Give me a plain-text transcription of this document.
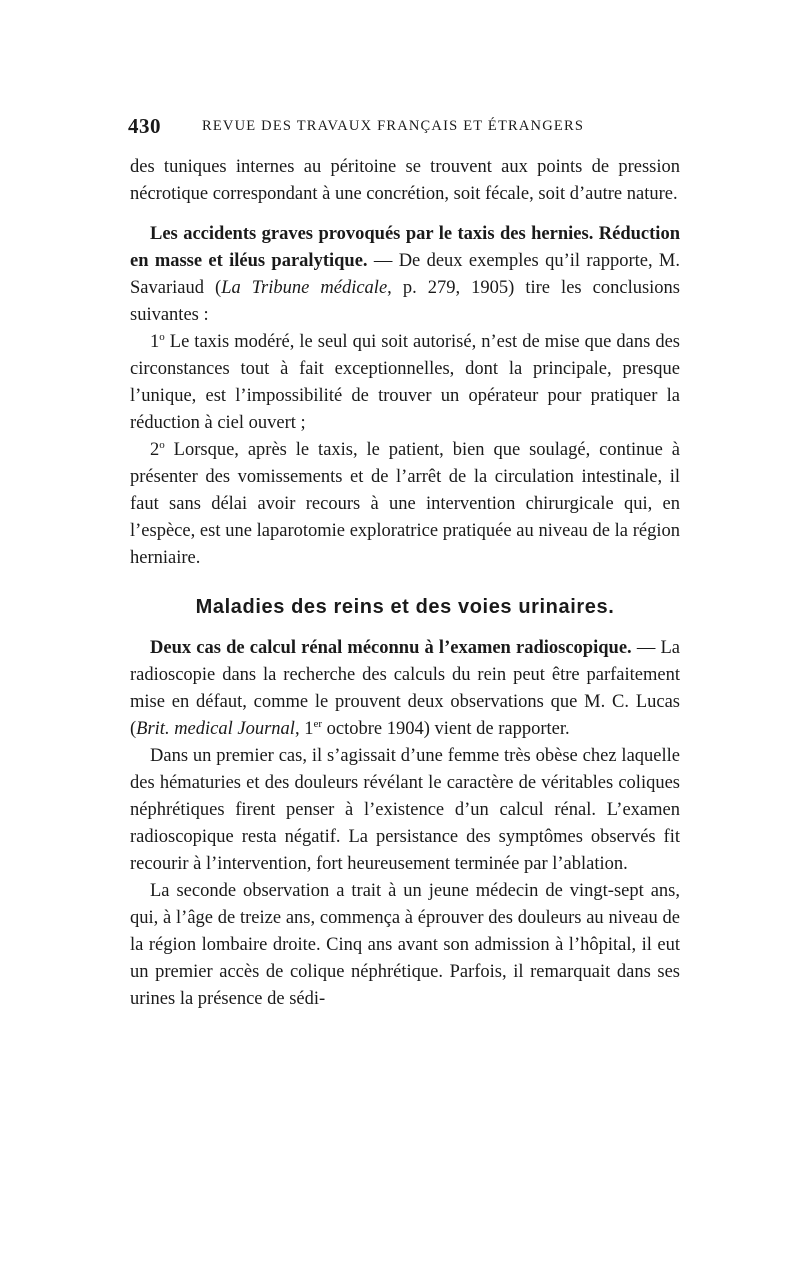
430	REVUE DES TRAVAUX FRANÇAIS ET ÉTRANGERS

des tuniques internes au péritoine se trouvent aux points de pression nécrotique correspondant à une concrétion, soit fécale, soit d’autre nature.

Les accidents graves provoqués par le taxis des hernies. Réduction en masse et iléus paralytique. — De deux exemples qu’il rapporte, M. Savariaud (La Tribune médicale, p. 279, 1905) tire les conclusions suivantes :

1$^o$ Le taxis modéré, le seul qui soit autorisé, n’est de mise que dans des circonstances tout à fait exceptionnelles, dont la principale, presque l’unique, est l’impossibilité de trouver un opérateur pour pratiquer la réduction à ciel ouvert ;

2$^o$ Lorsque, après le taxis, le patient, bien que soulagé, continue à présenter des vomissements et de l’arrêt de la circulation intestinale, il faut sans délai avoir recours à une intervention chirurgicale qui, en l’espèce, est une laparotomie exploratrice pratiquée au niveau de la région herniaire.

Maladies des reins et des voies urinaires.

Deux cas de calcul rénal méconnu à l’examen radioscopique. — La radioscopie dans la recherche des calculs du rein peut être parfaitement mise en défaut, comme le prouvent deux observations que M. C. Lucas (Brit. medical Journal, 1er octobre 1904) vient de rapporter.

Dans un premier cas, il s’agissait d’une femme très obèse chez laquelle des hématuries et des douleurs révélant le caractère de véritables coliques néphrétiques firent penser à l’existence d’un calcul rénal. L’examen radioscopique resta négatif. La persistance des symptômes observés fit recourir à l’intervention, fort heureusement terminée par l’ablation.

La seconde observation a trait à un jeune médecin de vingt-sept ans, qui, à l’âge de treize ans, commença à éprouver des douleurs au niveau de la région lombaire droite. Cinq ans avant son admission à l’hôpital, il eut un premier accès de colique néphrétique. Parfois, il remarquait dans ses urines la présence de sédi-
